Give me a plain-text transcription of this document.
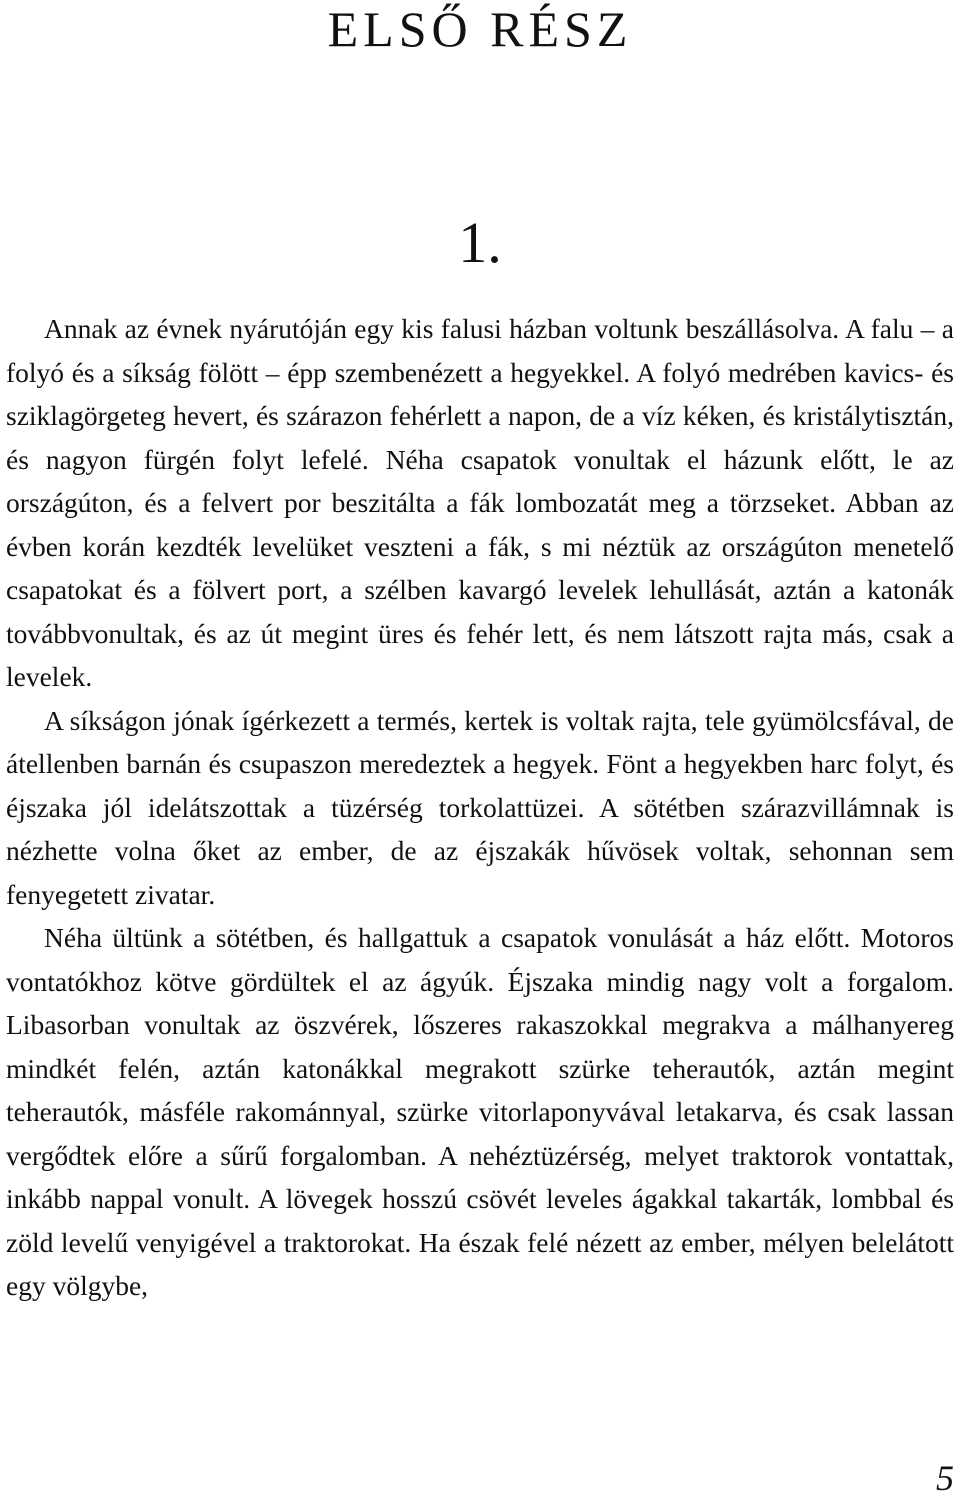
ELSŐ RÉSZ
1.

Annak az évnek nyárutóján egy kis falusi házban voltunk beszállásolva. A falu – a folyó és a síkság fölött – épp szembenézett a hegyekkel. A folyó medrében kavics- és sziklagörgeteg hevert, és szárazon fehérlett a napon, de a víz kéken, és kristálytisztán, és nagyon fürgén folyt lefelé. Néha csapatok vonultak el házunk előtt, le az országúton, és a felvert por beszitálta a fák lombozatát meg a törzseket. Abban az évben korán kezdték levelüket veszteni a fák, s mi néztük az országúton menetelő csapatokat és a fölvert port, a szélben kavargó levelek lehullását, aztán a katonák továbbvonultak, és az út megint üres és fehér lett, és nem látszott rajta más, csak a levelek.

A síkságon jónak ígérkezett a termés, kertek is voltak rajta, tele gyümölcsfával, de átellenben barnán és csupaszon meredeztek a hegyek. Fönt a hegyekben harc folyt, és éjszaka jól idelátszottak a tüzérség torkolattüzei. A sötétben szárazvillámnak is nézhette volna őket az ember, de az éjszakák hűvösek voltak, sehonnan sem fenyegetett zivatar.

Néha ültünk a sötétben, és hallgattuk a csapatok vonulását a ház előtt. Motoros vontatókhoz kötve gördültek el az ágyúk. Éjszaka mindig nagy volt a forgalom. Libasorban vonultak az öszvérek, lőszeres rakaszokkal megrakva a málhanyereg mindkét felén, aztán katonákkal megrakott szürke teherautók, aztán megint teherautók, másféle rakománnyal, szürke vitorlaponyvával letakarva, és csak lassan vergődtek előre a sűrű forgalomban. A nehéztüzérség, melyet traktorok vontattak, inkább nappal vonult. A lövegek hosszú csövét leveles ágakkal takarták, lombbal és zöld levelű venyigével a traktorokat. Ha észak felé nézett az ember, mélyen belelátott egy völgybe,

5
